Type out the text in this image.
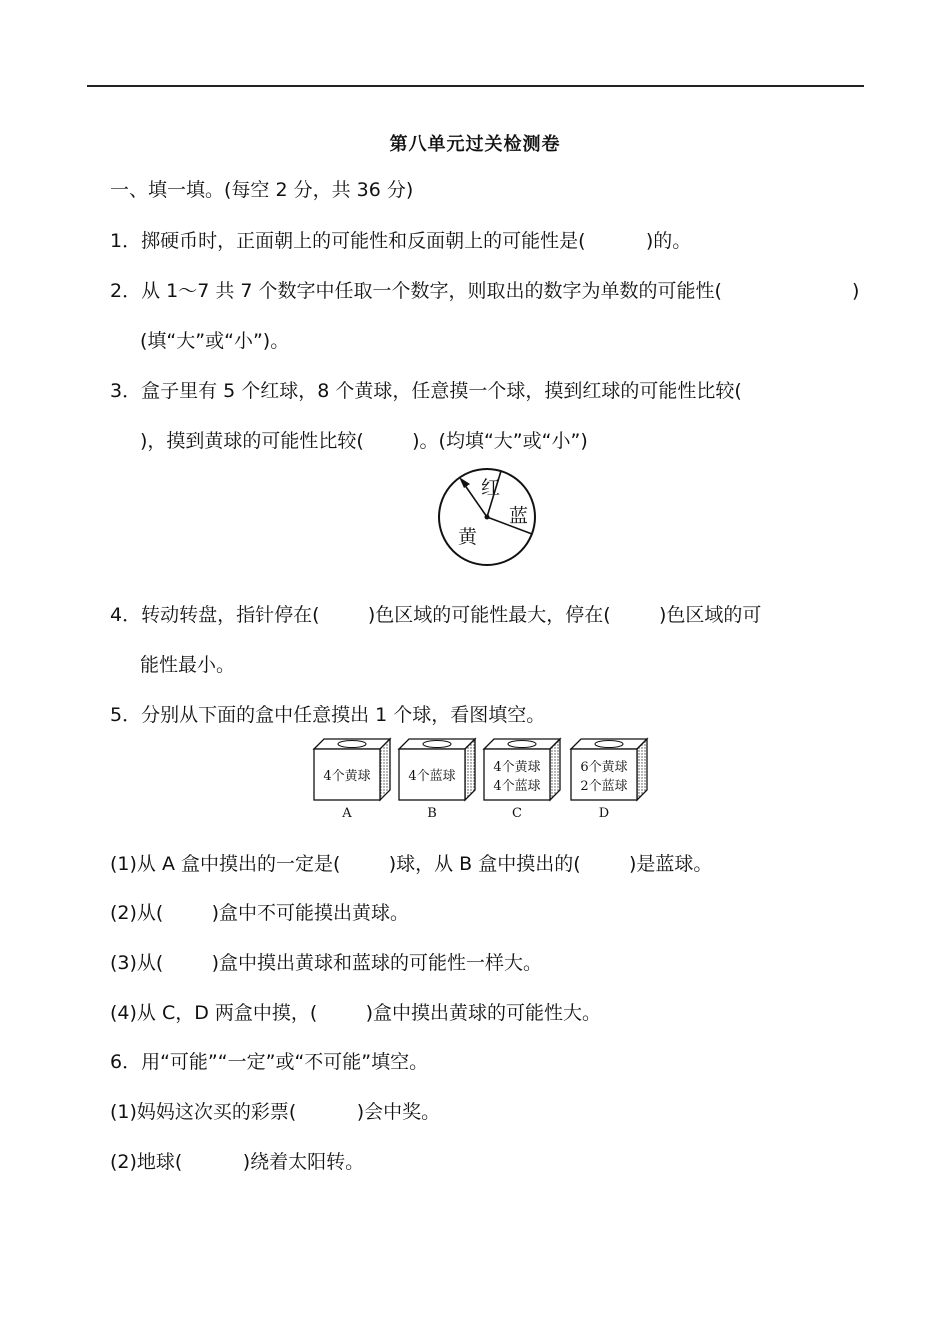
第八单元过关检测卷
一、填一填。(每空 2 分，共 36 分)
1．掷硬币时，正面朝上的可能性和反面朝上的可能性是(          )的。
2．从 1～7 共 7 个数字中任取一个数字，则取出的数字为单数的可能性(	)
(填“大”或“小”)。
3．盒子里有 5 个红球，8 个黄球，任意摸一个球，摸到红球的可能性比较(
)，摸到黄球的可能性比较(        )。(均填“大”或“小”)
红
蓝
黄
4．转动转盘，指针停在(        )色区域的可能性最大，停在(        )色区域的可
能性最小。
5．分别从下面的盒中任意摸出 1 个球，看图填空。
4个黄球
A
4个蓝球
B
4个黄球
4个蓝球
C
6个黄球
2个蓝球
D
(1)从 A 盒中摸出的一定是(        )球，从 B 盒中摸出的(        )是蓝球。
(2)从(        )盒中不可能摸出黄球。
(3)从(        )盒中摸出黄球和蓝球的可能性一样大。
(4)从 C，D 两盒中摸，(        )盒中摸出黄球的可能性大。
6．用“可能”“一定”或“不可能”填空。
(1)妈妈这次买的彩票(          )会中奖。
(2)地球(          )绕着太阳转。
